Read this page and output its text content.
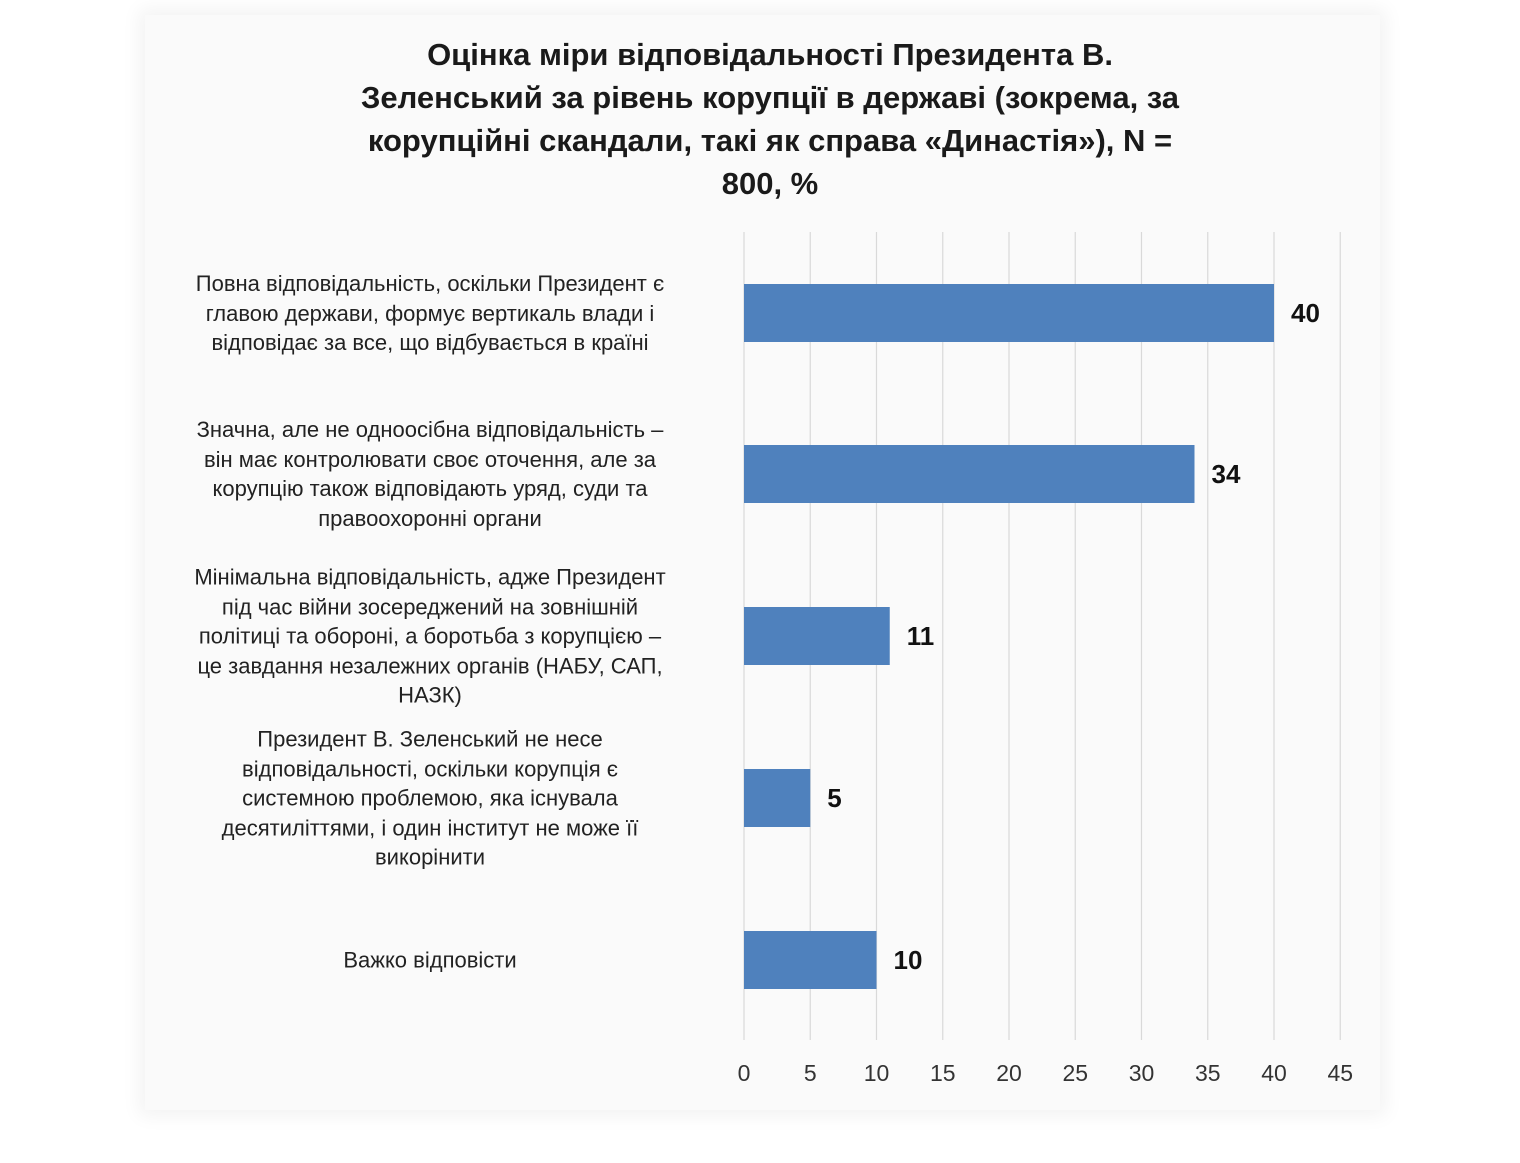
Оцінка міри відповідальності Президента В.
Зеленський за рівень корупції в державі (зокрема, за
корупційні скандали, такі як справа «Династія»), N =
800, %
Повна відповідальність, оскільки Президент є
главою держави, формує вертикаль влади і
відповідає за все, що відбувається в країні
Значна, але не одноосібна відповідальність –
він має контролювати своє оточення, але за
корупцію також відповідають уряд, суди та
правоохоронні органи
Мінімальна відповідальність, адже Президент
під час війни зосереджений на зовнішній
політиці та обороні, а боротьба з корупцією –
це завдання незалежних органів (НАБУ, САП,
НАЗК)
Президент В. Зеленський не несе
відповідальності, оскільки корупція є
системною проблемою, яка існувала
десятиліттями, і один інститут не може її
викорінити
Важко відповісти
0 5 10 15 20 25 30 35 40 45
40
34
11
5
10
